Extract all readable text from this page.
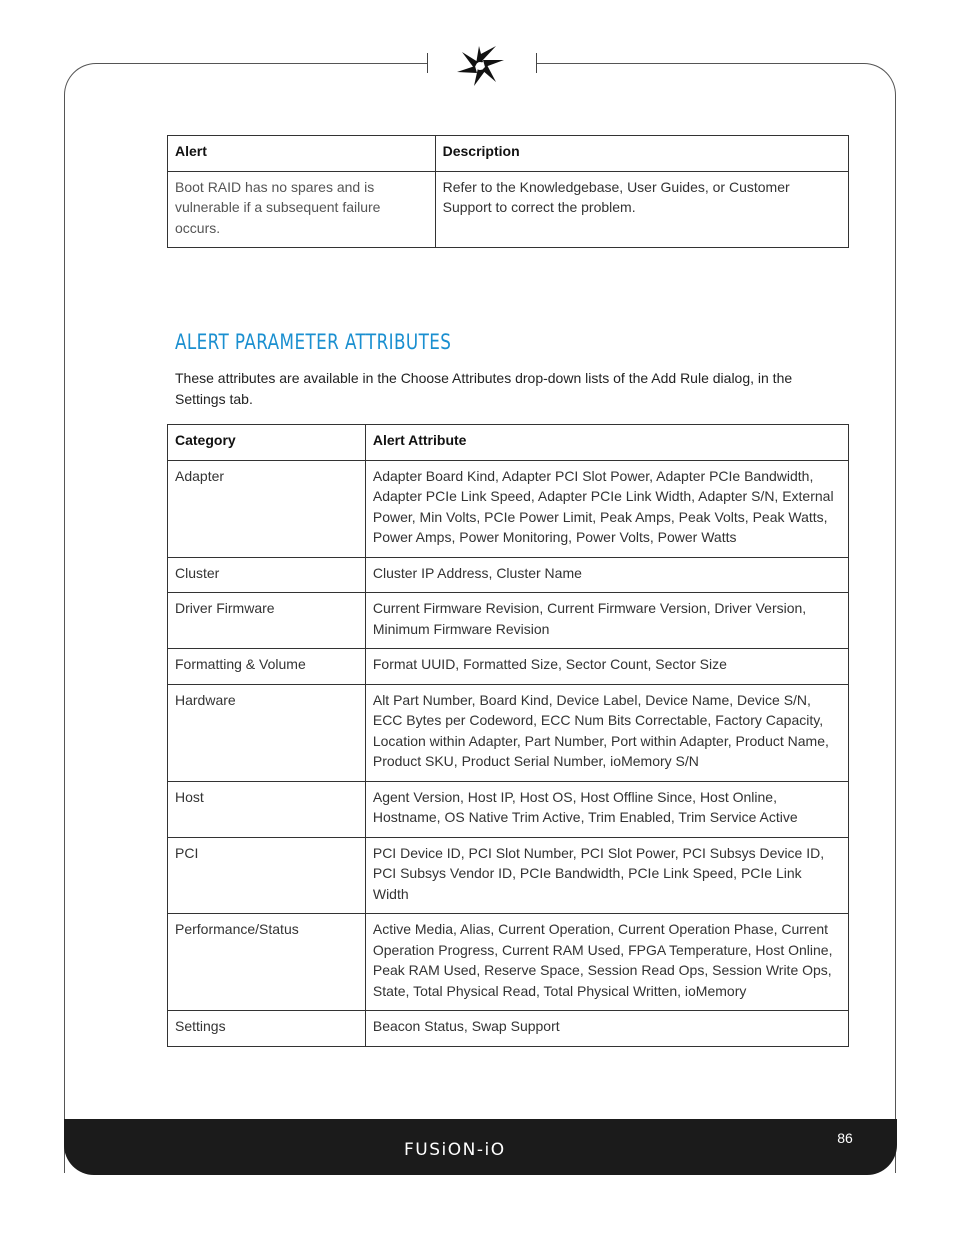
Alert	Description
Boot RAID has no spares and is vulnerable if a subsequent failure occurs.	Refer to the Knowledgebase, User Guides, or Customer Support to correct the problem.
ALERT PARAMETER ATTRIBUTES
These attributes are available in the Choose Attributes drop-down lists of the Add Rule dialog, in the Settings tab.
Category	Alert Attribute
Adapter	Adapter Board Kind, Adapter PCI Slot Power, Adapter PCIe Bandwidth, Adapter PCIe Link Speed, Adapter PCIe Link Width, Adapter S/N, External Power, Min Volts, PCIe Power Limit, Peak Amps, Peak Volts, Peak Watts, Power Amps, Power Monitoring, Power Volts, Power Watts
Cluster	Cluster IP Address, Cluster Name
Driver Firmware	Current Firmware Revision, Current Firmware Version, Driver Version, Minimum Firmware Revision
Formatting & Volume	Format UUID, Formatted Size, Sector Count, Sector Size
Hardware	Alt Part Number, Board Kind, Device Label, Device Name, Device S/N, ECC Bytes per Codeword, ECC Num Bits Correctable, Factory Capacity, Location within Adapter, Part Number, Port within Adapter, Product Name, Product SKU, Product Serial Number, ioMemory S/N
Host	Agent Version, Host IP, Host OS, Host Offline Since, Host Online, Hostname, OS Native Trim Active, Trim Enabled, Trim Service Active
PCI	PCI Device ID, PCI Slot Number, PCI Slot Power, PCI Subsys Device ID, PCI Subsys Vendor ID, PCIe Bandwidth, PCIe Link Speed, PCIe Link Width
Performance/Status	Active Media, Alias, Current Operation, Current Operation Phase, Current Operation Progress, Current RAM Used, FPGA Temperature, Host Online, Peak RAM Used, Reserve Space, Session Read Ops, Session Write Ops, State, Total Physical Read, Total Physical Written, ioMemory
Settings	Beacon Status, Swap Support
FUSiON-iO
86
